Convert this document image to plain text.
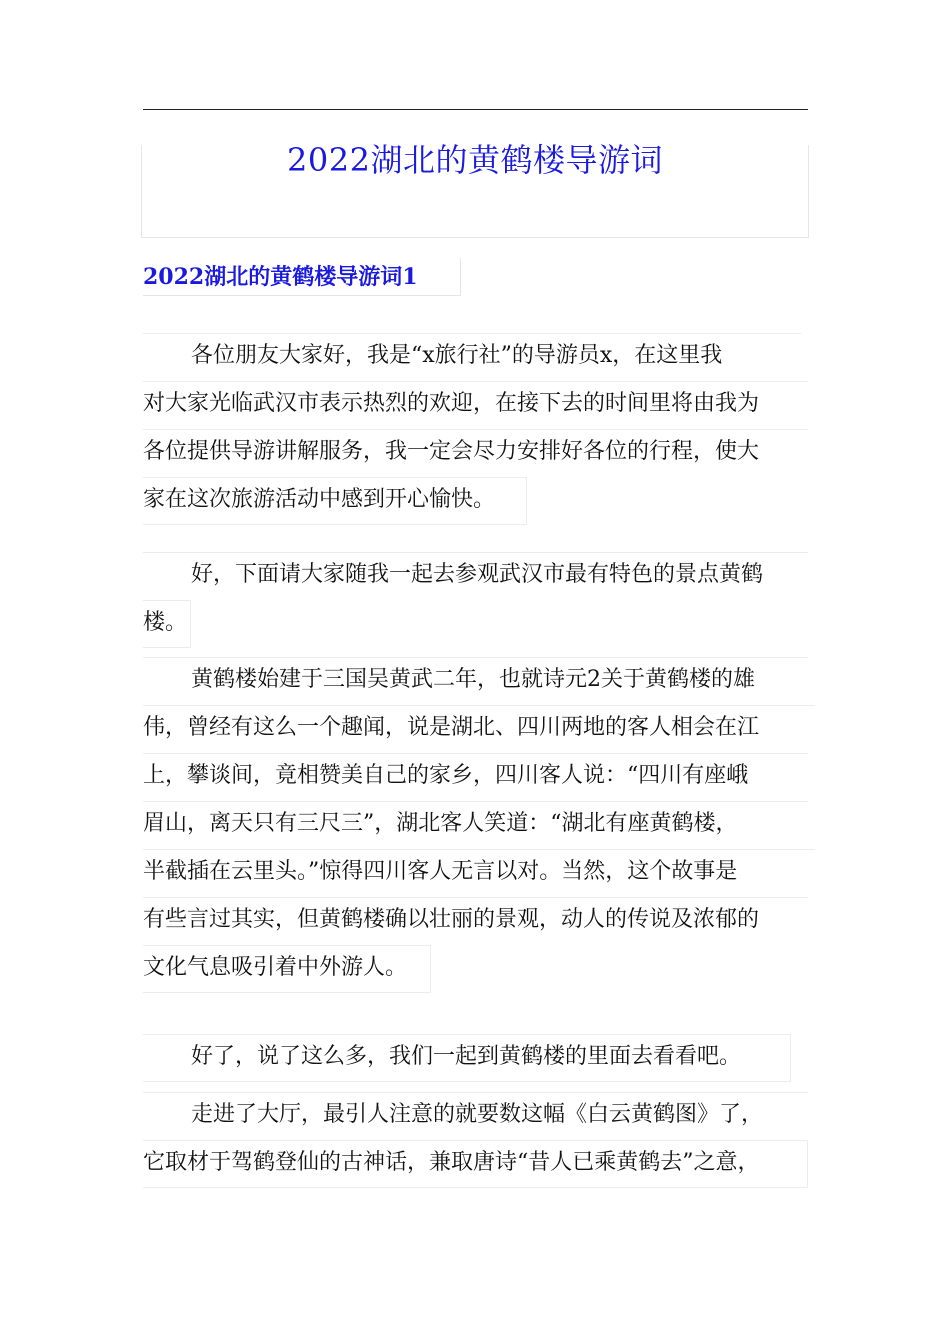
2022湖北的黄鹤楼导游词
2022湖北的黄鹤楼导游词1
各位朋友大家好，我是“x旅行社”的导游员x，在这里我
对大家光临武汉市表示热烈的欢迎，在接下去的时间里将由我为
各位提供导游讲解服务，我一定会尽力安排好各位的行程，使大
家在这次旅游活动中感到开心愉快。
好，下面请大家随我一起去参观武汉市最有特色的景点黄鹤
楼。
黄鹤楼始建于三国吴黄武二年，也就诗元2关于黄鹤楼的雄
伟，曾经有这么一个趣闻，说是湖北、四川两地的客人相会在江
上，攀谈间，竟相赞美自己的家乡，四川客人说：“四川有座峨
眉山，离天只有三尺三”，湖北客人笑道：“湖北有座黄鹤楼，
半截插在云里头。”惊得四川客人无言以对。当然，这个故事是
有些言过其实，但黄鹤楼确以壮丽的景观，动人的传说及浓郁的
文化气息吸引着中外游人。
好了，说了这么多，我们一起到黄鹤楼的里面去看看吧。
走进了大厅，最引人注意的就要数这幅《白云黄鹤图》了，
它取材于驾鹤登仙的古神话，兼取唐诗“昔人已乘黄鹤去”之意，
